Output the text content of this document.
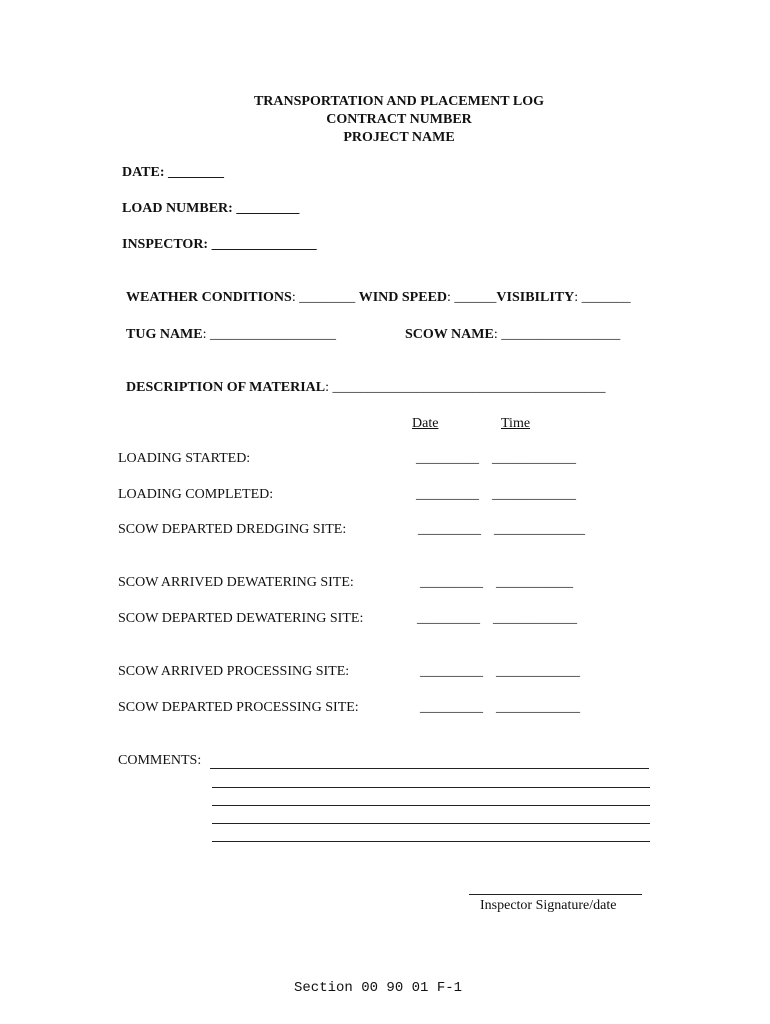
TRANSPORTATION AND PLACEMENT LOG
CONTRACT NUMBER
PROJECT NAME
DATE: ________
LOAD NUMBER: _________
INSPECTOR: _______________

WEATHER CONDITIONS: ________ WIND SPEED: ______VISIBILITY: _______

TUG NAME: __________________	SCOW NAME: _________________

DESCRIPTION OF MATERIAL: _______________________________________

Date	Time
LOADING STARTED:	_________ ____________
LOADING COMPLETED:	_________ ____________
SCOW DEPARTED DREDGING SITE:	_________ _____________
SCOW ARRIVED DEWATERING SITE:	_________ ___________
SCOW DEPARTED DEWATERING SITE:	_________ ____________
SCOW ARRIVED PROCESSING SITE:	_________ ____________
SCOW DEPARTED PROCESSING SITE:	_________ ____________
COMMENTS:
Inspector Signature/date
Section 00 90 01 F-1
